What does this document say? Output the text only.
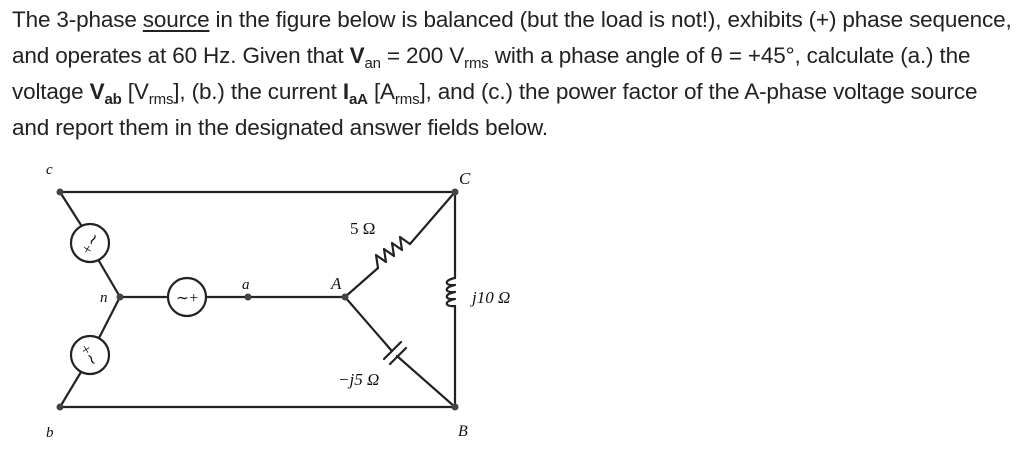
The 3-phase source in the figure below is balanced (but the load is not!), exhibits (+) phase sequence, and operates at 60 Hz. Given that $V_{an} = 200$ $V_{rms}$ with a phase angle of θ = +45°, calculate (a.) the voltage $V_{ab}$ $[V_{rms}]$, (b.) the current $I_{aA}$ $[A_{rms}]$, and (c.) the power factor of the A-phase voltage source and report them in the designated answer fields below.
+∼
+∼
∼+
c	C
n
a	A
b	B
5 Ω
j10 Ω
−j5 Ω
